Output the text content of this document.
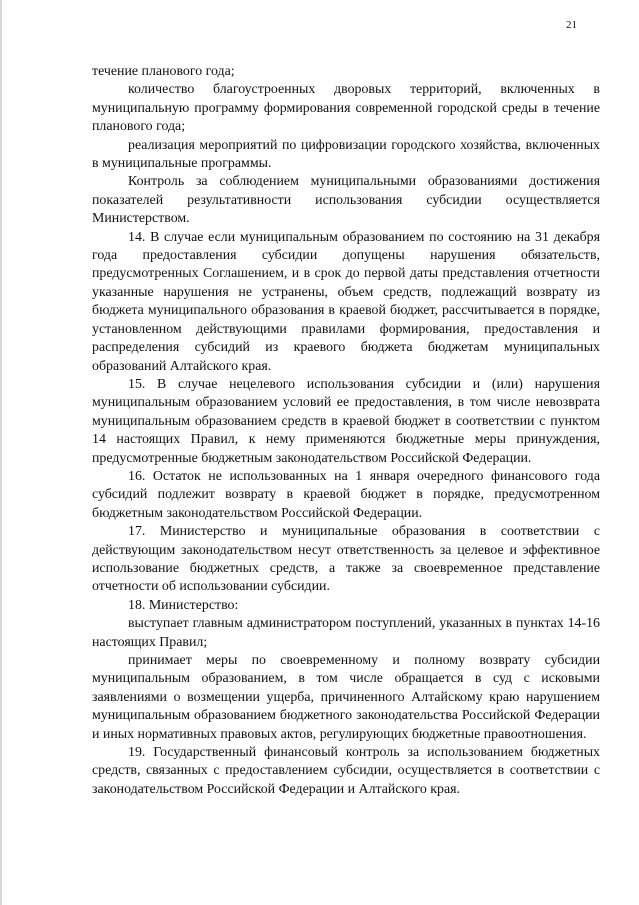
21

течение планового года;

количество благоустроенных дворовых территорий, включенных в муниципальную программу формирования современной городской среды в течение планового года;

реализация мероприятий по цифровизации городского хозяйства, включенных в муниципальные программы.

Контроль за соблюдением муниципальными образованиями достижения показателей результативности использования субсидии осуществляется Министерством.

14. В случае если муниципальным образованием по состоянию на 31 декабря года предоставления субсидии допущены нарушения обязательств, предусмотренных Соглашением, и в срок до первой даты представления отчетности указанные нарушения не устранены, объем средств, подлежащий возврату из бюджета муниципального образования в краевой бюджет, рассчитывается в порядке, установленном действующими правилами формирования, предоставления и распределения субсидий из краевого бюджета бюджетам муниципальных образований Алтайского края.

15. В случае нецелевого использования субсидии и (или) нарушения муниципальным образованием условий ее предоставления, в том числе невозврата муниципальным образованием средств в краевой бюджет в соответствии с пунктом 14 настоящих Правил, к нему применяются бюджетные меры принуждения, предусмотренные бюджетным законодательством Российской Федерации.

16. Остаток не использованных на 1 января очередного финансового года субсидий подлежит возврату в краевой бюджет в порядке, предусмотренном бюджетным законодательством Российской Федерации.

17. Министерство и муниципальные образования в соответствии с действующим законодательством несут ответственность за целевое и эффективное использование бюджетных средств, а также за своевременное представление отчетности об использовании субсидии.

18. Министерство:

выступает главным администратором поступлений, указанных в пунктах 14-16 настоящих Правил;

принимает меры по своевременному и полному возврату субсидии муниципальным образованием, в том числе обращается в суд с исковыми заявлениями о возмещении ущерба, причиненного Алтайскому краю нарушением муниципальным образованием бюджетного законодательства Российской Федерации и иных нормативных правовых актов, регулирующих бюджетные правоотношения.

19. Государственный финансовый контроль за использованием бюджетных средств, связанных с предоставлением субсидии, осуществляется в соответствии с законодательством Российской Федерации и Алтайского края.
